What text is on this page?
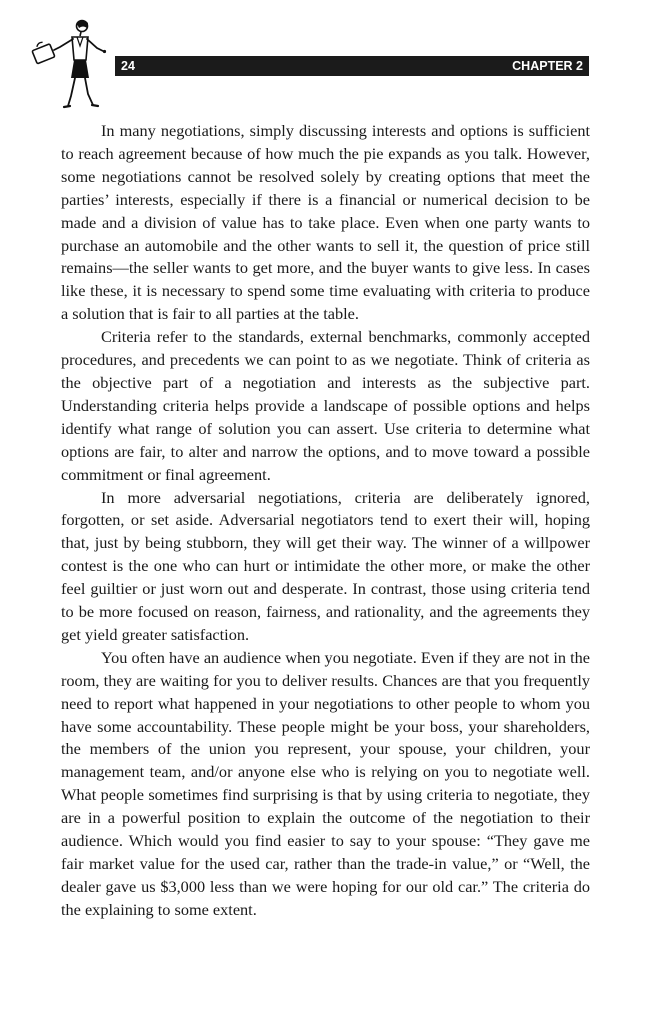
24	CHAPTER 2

In many negotiations, simply discussing interests and options is sufficient to reach agreement because of how much the pie expands as you talk. However, some negotiations cannot be resolved solely by creating options that meet the parties’ interests, especially if there is a financial or numerical decision to be made and a division of value has to take place. Even when one party wants to purchase an automobile and the other wants to sell it, the question of price still remains—the seller wants to get more, and the buyer wants to give less. In cases like these, it is necessary to spend some time evaluating with criteria to produce a solution that is fair to all parties at the table.

Criteria refer to the standards, external benchmarks, commonly accepted procedures, and precedents we can point to as we negotiate. Think of criteria as the objective part of a negotiation and interests as the subjective part. Understanding criteria helps provide a landscape of possible options and helps identify what range of solution you can assert. Use criteria to determine what options are fair, to alter and narrow the options, and to move toward a possible commitment or final agreement.

In more adversarial negotiations, criteria are deliberately ignored, forgotten, or set aside. Adversarial negotiators tend to exert their will, hoping that, just by being stubborn, they will get their way. The winner of a willpower contest is the one who can hurt or intimidate the other more, or make the other feel guiltier or just worn out and desperate. In contrast, those using criteria tend to be more focused on reason, fairness, and rationality, and the agreements they get yield greater satisfaction.

You often have an audience when you negotiate. Even if they are not in the room, they are waiting for you to deliver results. Chances are that you frequently need to report what happened in your negotiations to other people to whom you have some accountability. These people might be your boss, your shareholders, the members of the union you represent, your spouse, your children, your management team, and/or anyone else who is relying on you to negotiate well. What people sometimes find surprising is that by using criteria to negotiate, they are in a powerful position to explain the outcome of the negotiation to their audience. Which would you find easier to say to your spouse: “They gave me fair market value for the used car, rather than the trade-in value,” or “Well, the dealer gave us $3,000 less than we were hoping for our old car.” The criteria do the explaining to some extent.
